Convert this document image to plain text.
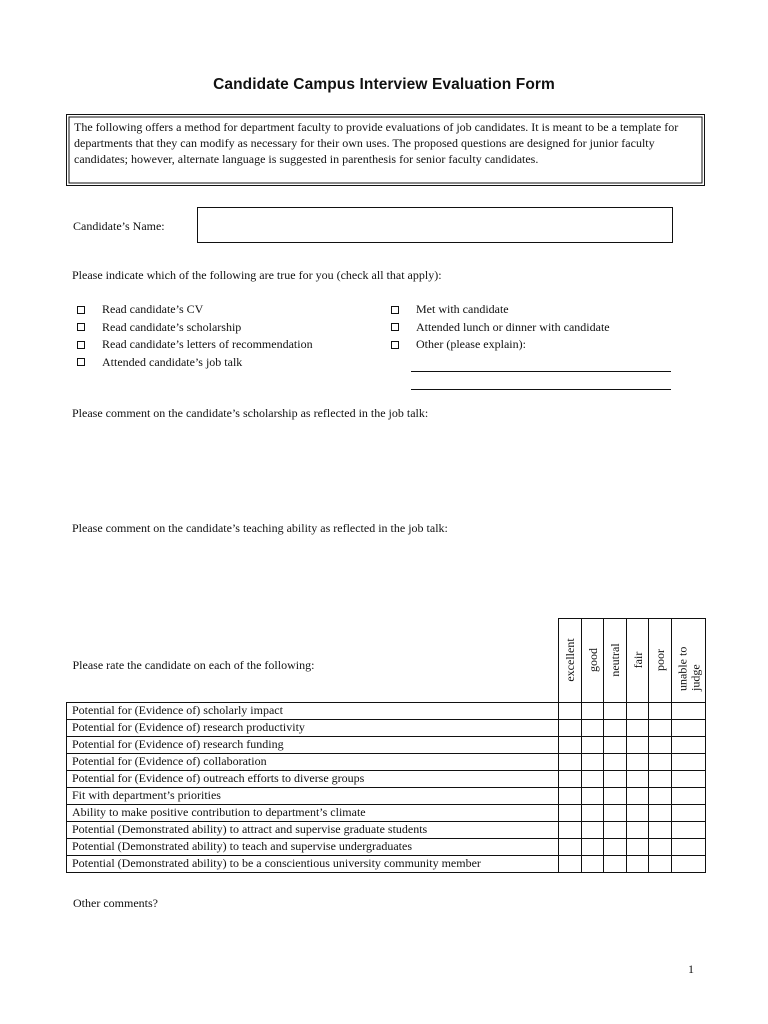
Candidate Campus Interview Evaluation Form
The following offers a method for department faculty to provide evaluations of job candidates. It is meant to be a template for departments that they can modify as necessary for their own uses. The proposed questions are designed for junior faculty candidates; however, alternate language is suggested in parenthesis for senior faculty candidates.
Candidate’s Name:
Please indicate which of the following are true for you (check all that apply):
Read candidate’s CV
Read candidate’s scholarship
Read candidate’s letters of recommendation
Attended candidate’s job talk
Met with candidate
Attended lunch or dinner with candidate
Other (please explain):
Please comment on the candidate’s scholarship as reflected in the job talk:
Please comment on the candidate’s teaching ability as reflected in the job talk:
Please rate the candidate on each of the following:	excellent	good	neutral	fair	poor	unable to judge

Potential for (Evidence of) scholarly impact						
Potential for (Evidence of) research productivity						
Potential for (Evidence of) research funding						
Potential for (Evidence of) collaboration						
Potential for (Evidence of) outreach efforts to diverse groups						
Fit with department’s priorities						
Ability to make positive contribution to department’s climate						
Potential (Demonstrated ability) to attract and supervise graduate students						
Potential (Demonstrated ability) to teach and supervise undergraduates						
Potential (Demonstrated ability) to be a conscientious university community member						
Other comments?
1
